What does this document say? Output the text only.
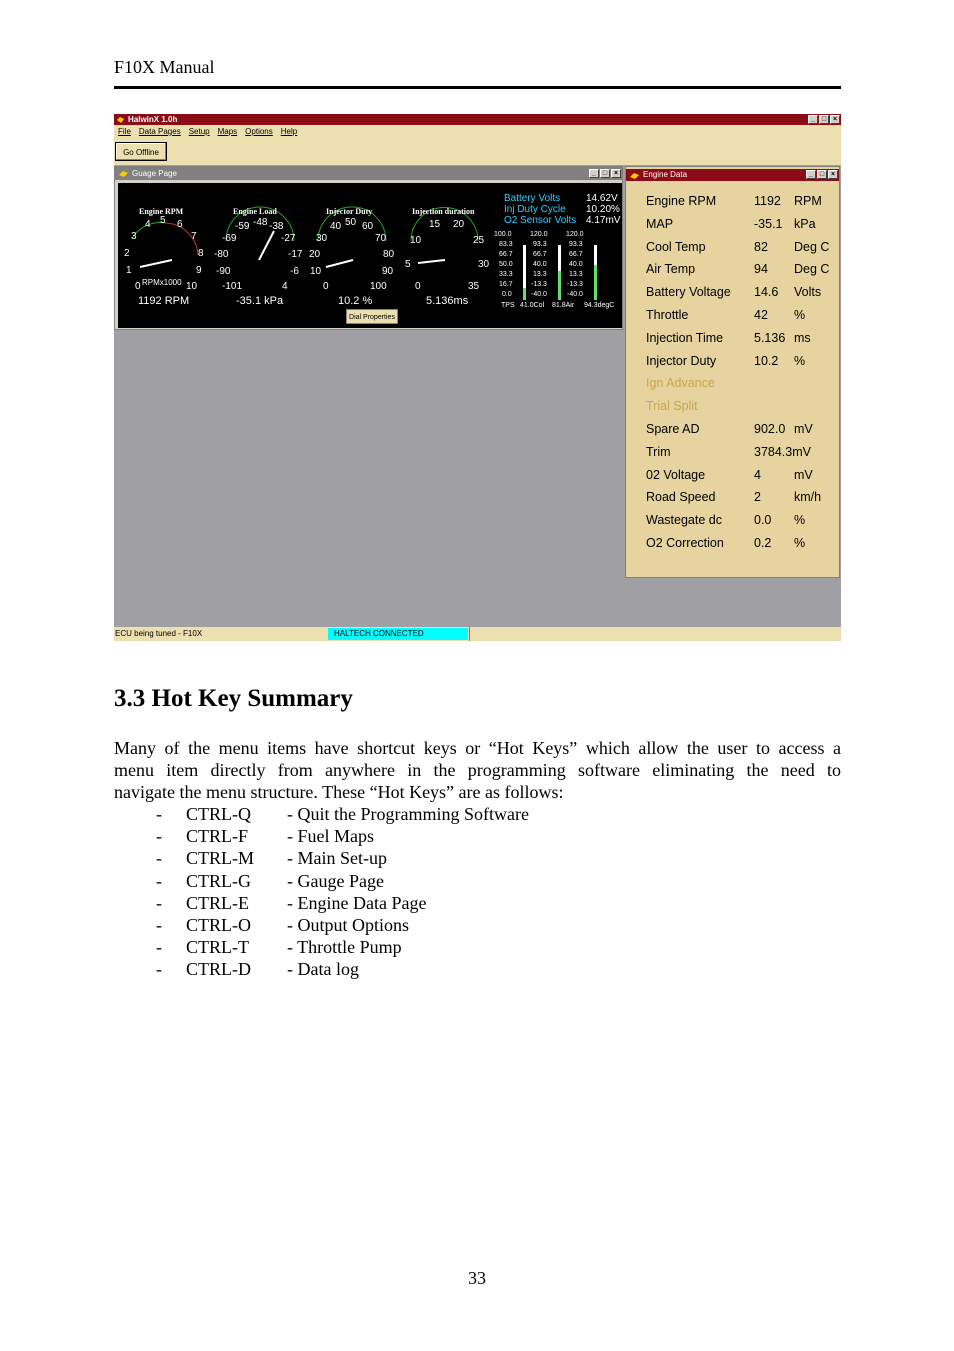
F10X Manual
HalwinX 1.0h	_ □ ×
File Data Pages Setup Maps Options Help
Go Offline
Guage Page	_ □ ×
Engine RPM	Engine Load	Injector Duty	Injection duration
4 5 6
3	7
2	8
1	9
0 RPMx1000 10
-59 -48 -38
-69	-27
-80	-17
-90	-6
-101	4
40 50 60
30	70
20	80
10	90
0	100
15 20
10	25
5	30
0	35
1192 RPM	-35.1 kPa	10.2 %	5.136ms
Battery Volts	14.62V
Inj Duty Cycle 10.20%
O2 Sensor Volts 4.17mV
100.0
83.3
66.7
50.0
33.3
16.7
0.0
120.0
93.3
66.7
40.0
13.3
-13.3
-40.0
120.0
93.3
66.7
40.0
13.3
-13.3
-40.0
TPS 41.0Col 81.8Air 94.3degC
Dial Properties
Engine Data	_ □ ×
Engine RPM	1192 RPM
MAP	-35.1 kPa
Cool Temp	82 Deg C
Air Temp	94 Deg C
Battery Voltage 14.6 Volts
Throttle	42 %
Injection Time 5.136 ms
Injector Duty	10.2 %
Ign Advance
Trial Split
Spare AD	902.0 mV
Trim	3784.3mV
02 Voltage	4	mV
Road Speed	2	km/h
Wastegate dc	0.0 %
O2 Correction 0.2 %
ECU being tuned - F10X	HALTECH CONNECTED
3.3 Hot Key Summary
Many of the menu items have shortcut keys or “Hot Keys” which allow the user to access a
menu item directly from anywhere in the programming software eliminating the need to
navigate the menu structure. These “Hot Keys” are as follows:
- CTRL-Q - Quit the Programming Software
- CTRL-F - Fuel Maps
- CTRL-M - Main Set-up
- CTRL-G - Gauge Page
- CTRL-E - Engine Data Page
- CTRL-O - Output Options
- CTRL-T - Throttle Pump
- CTRL-D - Data log
33
